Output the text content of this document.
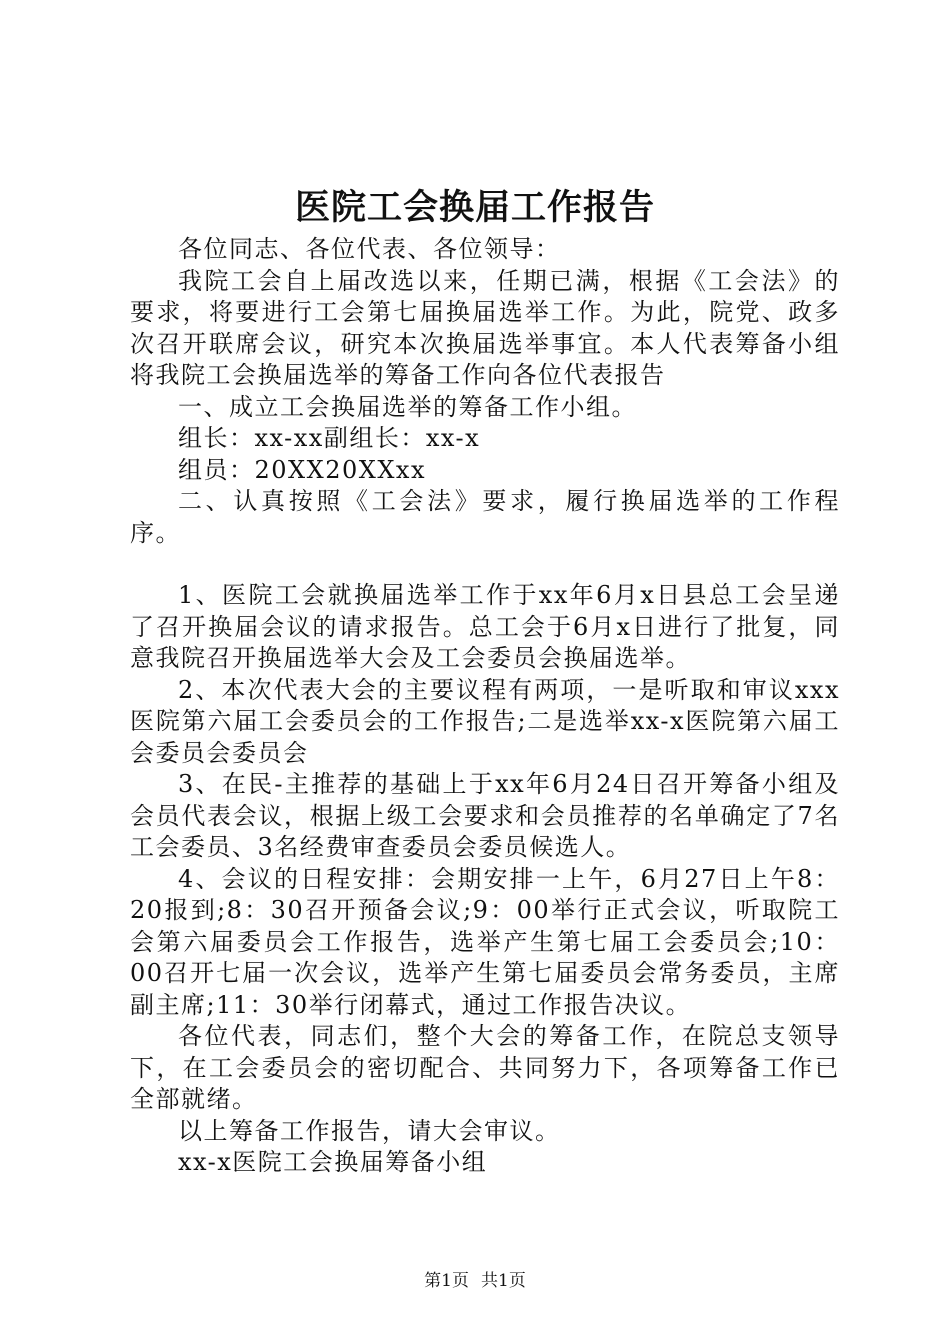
医院工会换届工作报告

各位同志、各位代表、各位领导：

我院工会自上届改选以来，任期已满，根据《工会法》的要求，将要进行工会第七届换届选举工作。为此，院党、政多次召开联席会议，研究本次换届选举事宜。本人代表筹备小组将我院工会换届选举的筹备工作向各位代表报告

一、成立工会换届选举的筹备工作小组。

组长：xx-xx副组长：xx-x

组员：20XX20XXxx

二、认真按照《工会法》要求，履行换届选举的工作程序。

1、医院工会就换届选举工作于xx年6月x日县总工会呈递了召开换届会议的请求报告。总工会于6月x日进行了批复，同意我院召开换届选举大会及工会委员会换届选举。

2、本次代表大会的主要议程有两项，一是听取和审议xxx医院第六届工会委员会的工作报告;二是选举xx-x医院第六届工会委员会委员会

3、在民-主推荐的基础上于xx年6月24日召开筹备小组及会员代表会议，根据上级工会要求和会员推荐的名单确定了7名工会委员、3名经费审查委员会委员候选人。

4、会议的日程安排：会期安排一上午，6月27日上午8：20报到;8：30召开预备会议;9：00举行正式会议，听取院工会第六届委员会工作报告，选举产生第七届工会委员会;10：00召开七届一次会议，选举产生第七届委员会常务委员，主席副主席;11：30举行闭幕式，通过工作报告决议。

各位代表，同志们，整个大会的筹备工作，在院总支领导下，在工会委员会的密切配合、共同努力下，各项筹备工作已全部就绪。

以上筹备工作报告，请大会审议。

xx-x医院工会换届筹备小组

第1页 共1页
